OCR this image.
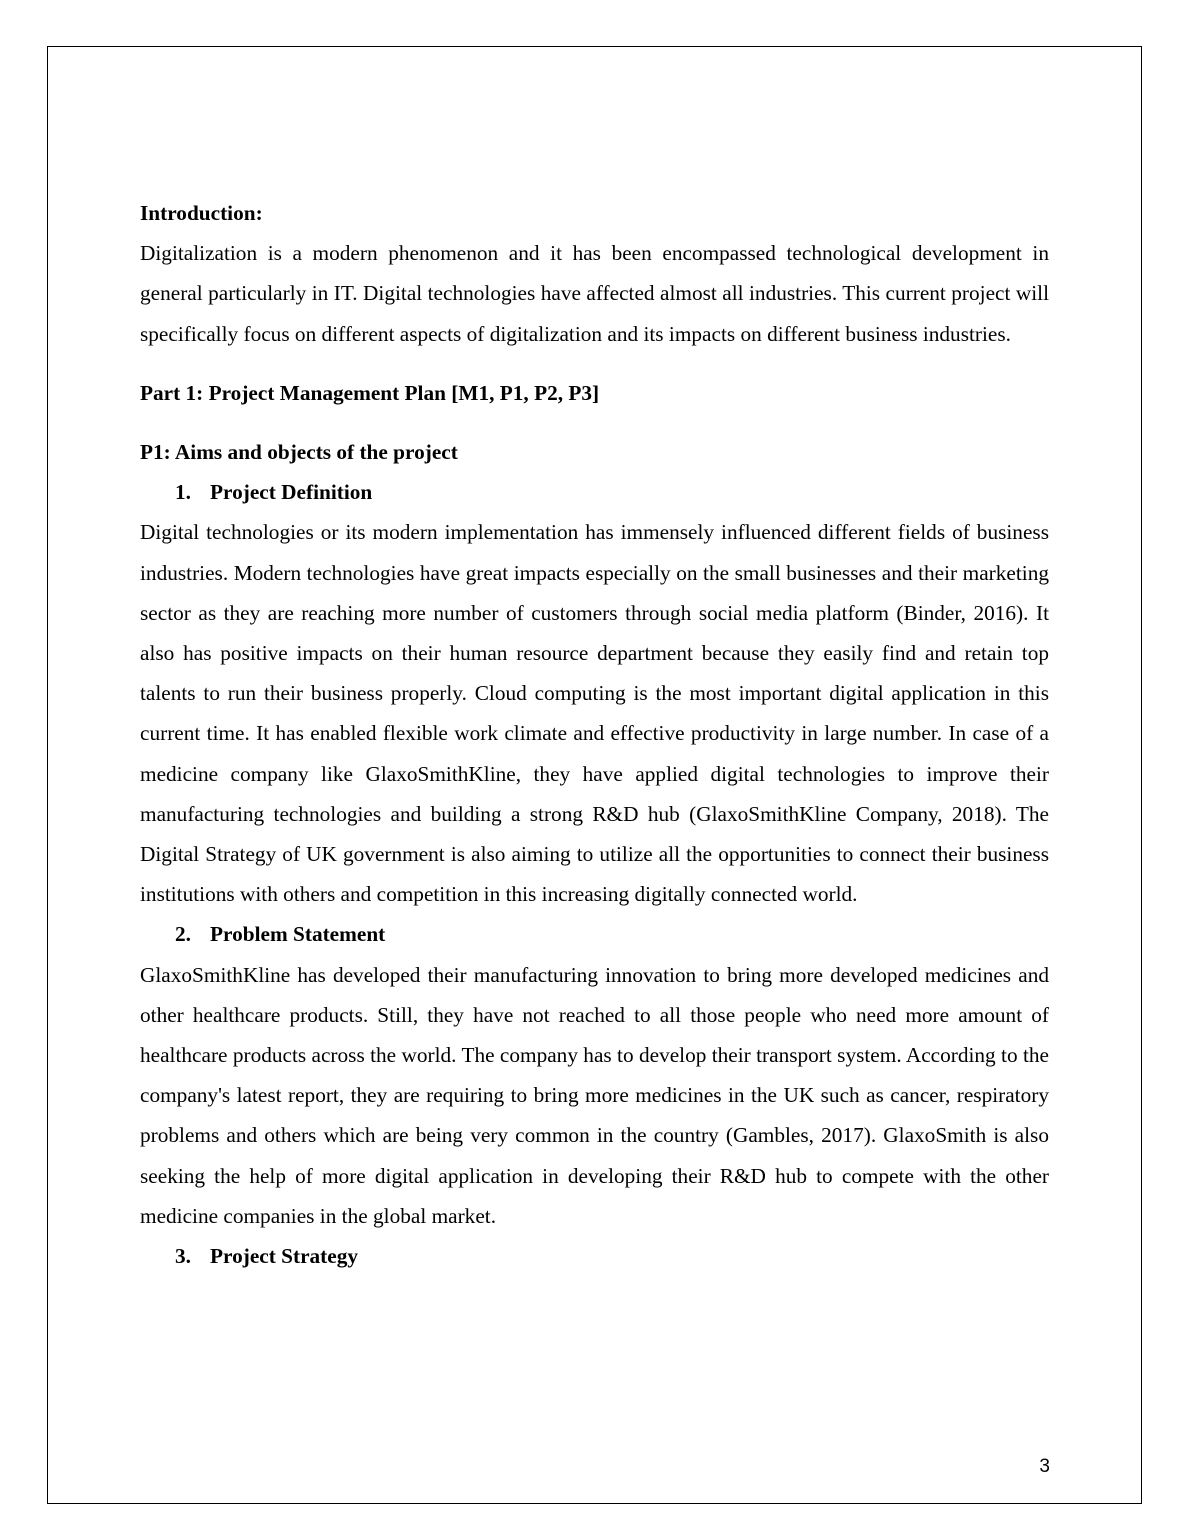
Introduction:

Digitalization is a modern phenomenon and it has been encompassed technological development in general particularly in IT. Digital technologies have affected almost all industries. This current project will specifically focus on different aspects of digitalization and its impacts on different business industries.

Part 1: Project Management Plan [M1, P1, P2, P3]

P1: Aims and objects of the project

1. Project Definition

Digital technologies or its modern implementation has immensely influenced different fields of business industries. Modern technologies have great impacts especially on the small businesses and their marketing sector as they are reaching more number of customers through social media platform (Binder, 2016). It also has positive impacts on their human resource department because they easily find and retain top talents to run their business properly. Cloud computing is the most important digital application in this current time. It has enabled flexible work climate and effective productivity in large number. In case of a medicine company like GlaxoSmithKline, they have applied digital technologies to improve their manufacturing technologies and building a strong R&D hub (GlaxoSmithKline Company, 2018). The Digital Strategy of UK government is also aiming to utilize all the opportunities to connect their business institutions with others and competition in this increasing digitally connected world.

2. Problem Statement

GlaxoSmithKline has developed their manufacturing innovation to bring more developed medicines and other healthcare products. Still, they have not reached to all those people who need more amount of healthcare products across the world. The company has to develop their transport system. According to the company's latest report, they are requiring to bring more medicines in the UK such as cancer, respiratory problems and others which are being very common in the country (Gambles, 2017). GlaxoSmith is also seeking the help of more digital application in developing their R&D hub to compete with the other medicine companies in the global market.

3. Project Strategy
3
